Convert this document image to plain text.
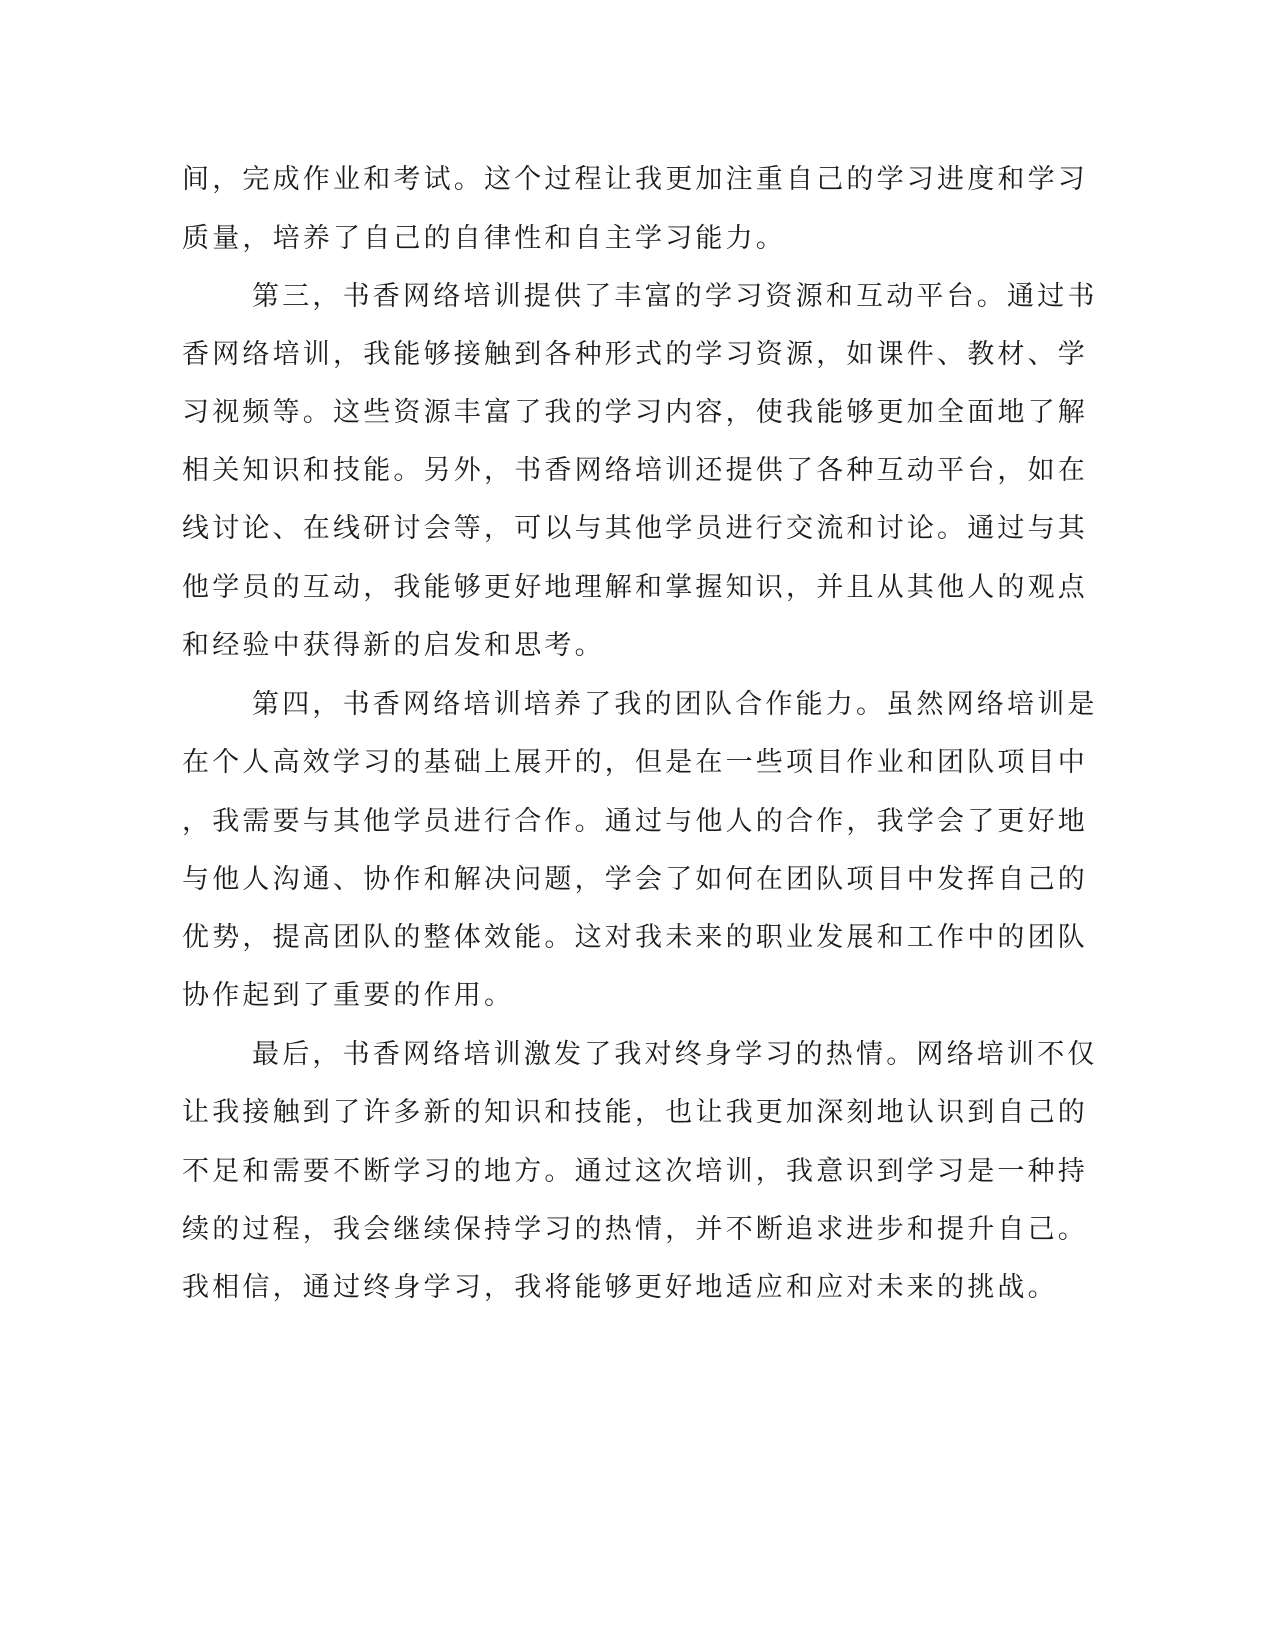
间，完成作业和考试。这个过程让我更加注重自己的学习进度和学习
质量，培养了自己的自律性和自主学习能力。
第三，书香网络培训提供了丰富的学习资源和互动平台。通过书
香网络培训，我能够接触到各种形式的学习资源，如课件、教材、学
习视频等。这些资源丰富了我的学习内容，使我能够更加全面地了解
相关知识和技能。另外，书香网络培训还提供了各种互动平台，如在
线讨论、在线研讨会等，可以与其他学员进行交流和讨论。通过与其
他学员的互动，我能够更好地理解和掌握知识，并且从其他人的观点
和经验中获得新的启发和思考。
第四，书香网络培训培养了我的团队合作能力。虽然网络培训是
在个人高效学习的基础上展开的，但是在一些项目作业和团队项目中
，我需要与其他学员进行合作。通过与他人的合作，我学会了更好地
与他人沟通、协作和解决问题，学会了如何在团队项目中发挥自己的
优势，提高团队的整体效能。这对我未来的职业发展和工作中的团队
协作起到了重要的作用。
最后，书香网络培训激发了我对终身学习的热情。网络培训不仅
让我接触到了许多新的知识和技能，也让我更加深刻地认识到自己的
不足和需要不断学习的地方。通过这次培训，我意识到学习是一种持
续的过程，我会继续保持学习的热情，并不断追求进步和提升自己。
我相信，通过终身学习，我将能够更好地适应和应对未来的挑战。
